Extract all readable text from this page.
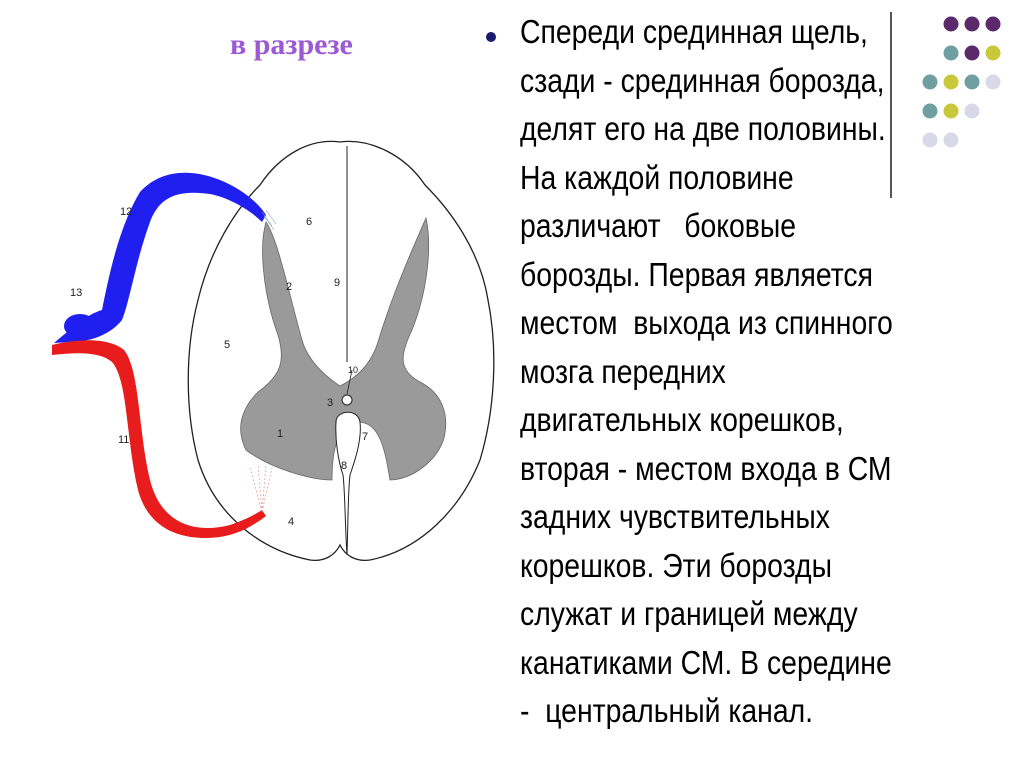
в разрезе	Спереди срединная щель,
сзади - срединная борозда,
делят его на две половины.
На каждой половине
различают   боковые
борозды. Первая является
местом  выхода из спинного
мозга передних
двигательных корешков,
вторая - местом входа в СМ
задних чувствительных
корешков. Эти борозды
служат и границей между
канатиками СМ. В середине
-  центральный канал.
12
13
11
6
2	9
5
10
3
1	7
8
4
